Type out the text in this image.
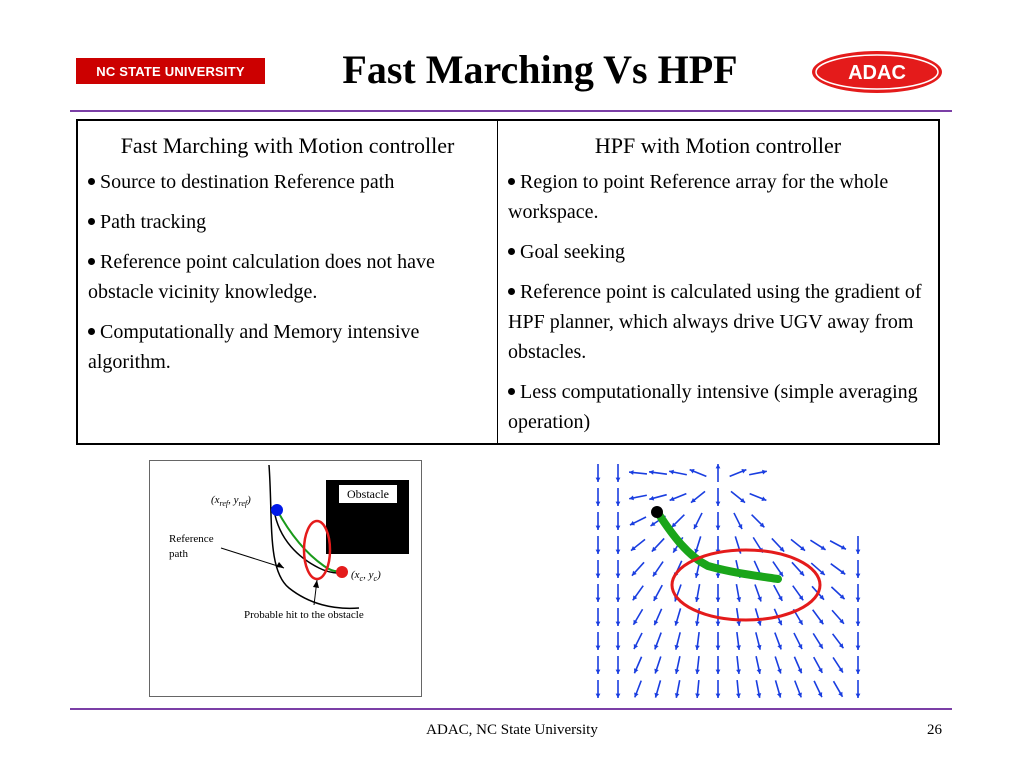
NC STATE UNIVERSITY	Fast Marching Vs HPF	ADAC

Fast Marching with Motion controller

Source to destination Reference path

Path tracking

Reference point calculation does not have obstacle vicinity knowledge.

Computationally and Memory intensive algorithm.

HPF with Motion controller

Region to point Reference array for the whole workspace.

Goal seeking

Reference point is calculated using the gradient of HPF planner, which always drive UGV away from obstacles.

Less computationally intensive (simple averaging operation)

Obstacle
($x_{ref}$, $y_{ref}$)
Reference path
($x_c$, $y_c$)
Probable hit to the obstacle
ADAC, NC State University	26
